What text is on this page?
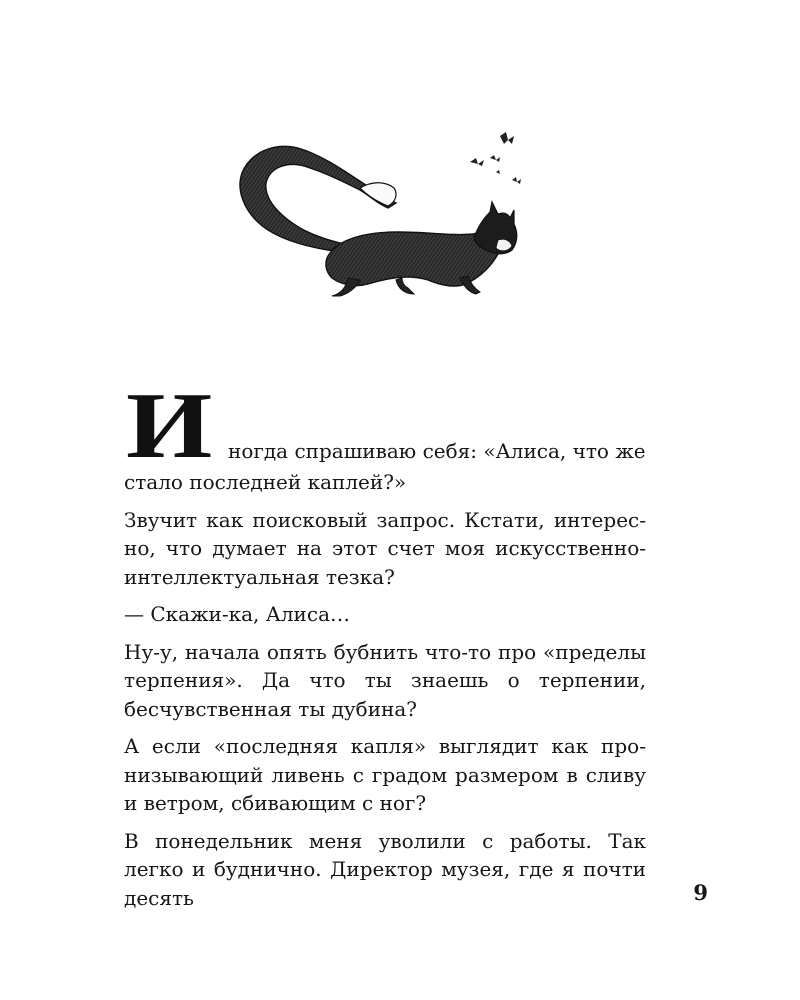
И ногда спрашиваю себя: «Алиса, что же
стало последней каплей?»

Звучит как поисковый запрос. Кстати, интересно, что думает на этот счет моя искусственно-интеллектуальная тезка?

— Скажи-ка, Алиса…

Ну-у, начала опять бубнить что-то про «пределы терпения». Да что ты знаешь о терпении, бесчувственная ты дубина?

А если «последняя капля» выглядит как пронизывающий ливень с градом размером в сливу и ветром, сбивающим с ног?

В понедельник меня уволили с работы. Так легко и буднично. Директор музея, где я почти десять	9
